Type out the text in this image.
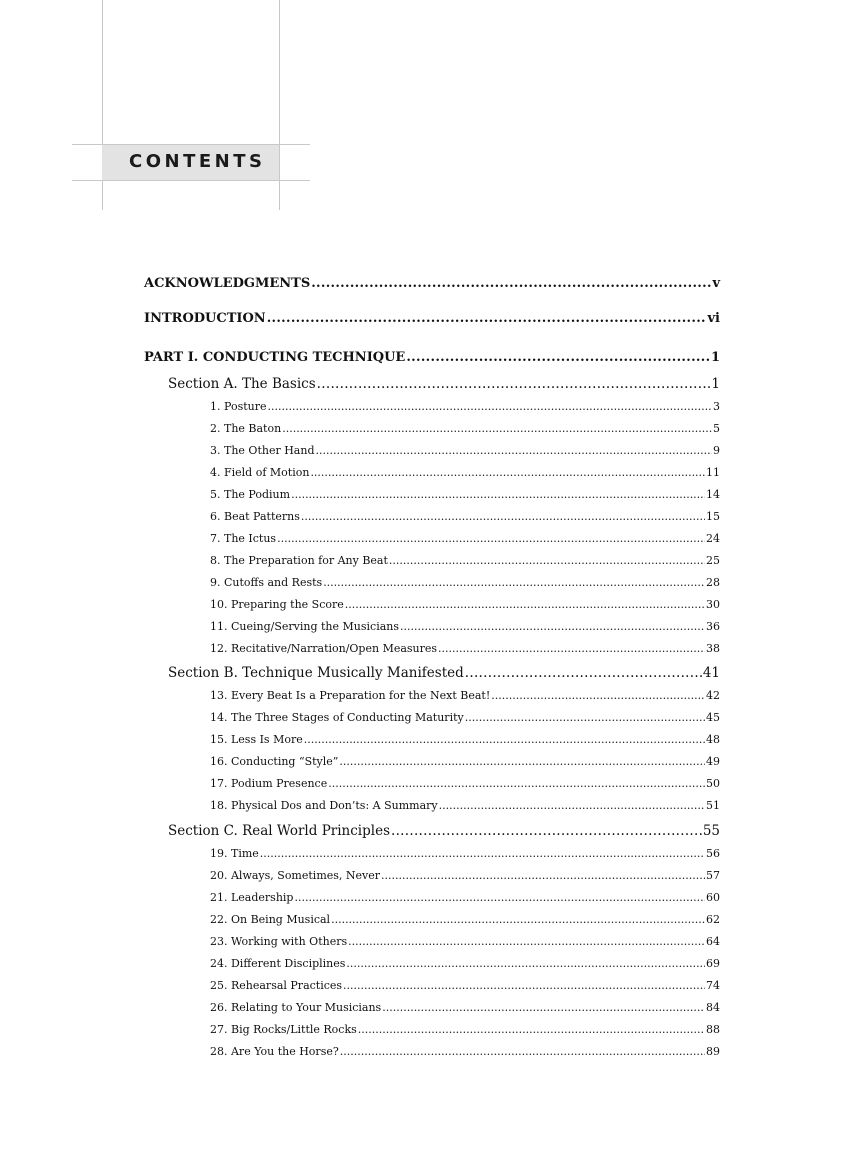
CONTENTS
ACKNOWLEDGMENTS .....	v
INTRODUCTION .....	vi
PART I. CONDUCTING TECHNIQUE .....	1
Section A. The Basics .....	1
1. Posture .....	3
2. The Baton .....	5
3. The Other Hand .....	9
4. Field of Motion .....	11
5. The Podium .....	14
6. Beat Patterns .....	15
7. The Ictus .....	24
8. The Preparation for Any Beat .....	25
9. Cutoffs and Rests .....	28
10. Preparing the Score .....	30
11. Cueing/Serving the Musicians .....	36
12. Recitative/Narration/Open Measures .....	38
Section B. Technique Musically Manifested .....	41
13. Every Beat Is a Preparation for the Next Beat! .....	42
14. The Three Stages of Conducting Maturity .....	45
15. Less Is More .....	48
16. Conducting “Style” .....	49
17. Podium Presence .....	50
18. Physical Dos and Don’ts: A Summary .....	51
Section C. Real World Principles .....	55
19. Time .....	56
20. Always, Sometimes, Never .....	57
21. Leadership .....	60
22. On Being Musical .....	62
23. Working with Others .....	64
24. Different Disciplines .....	69
25. Rehearsal Practices .....	74
26. Relating to Your Musicians .....	84
27. Big Rocks/Little Rocks .....	88
28. Are You the Horse? .....	89
